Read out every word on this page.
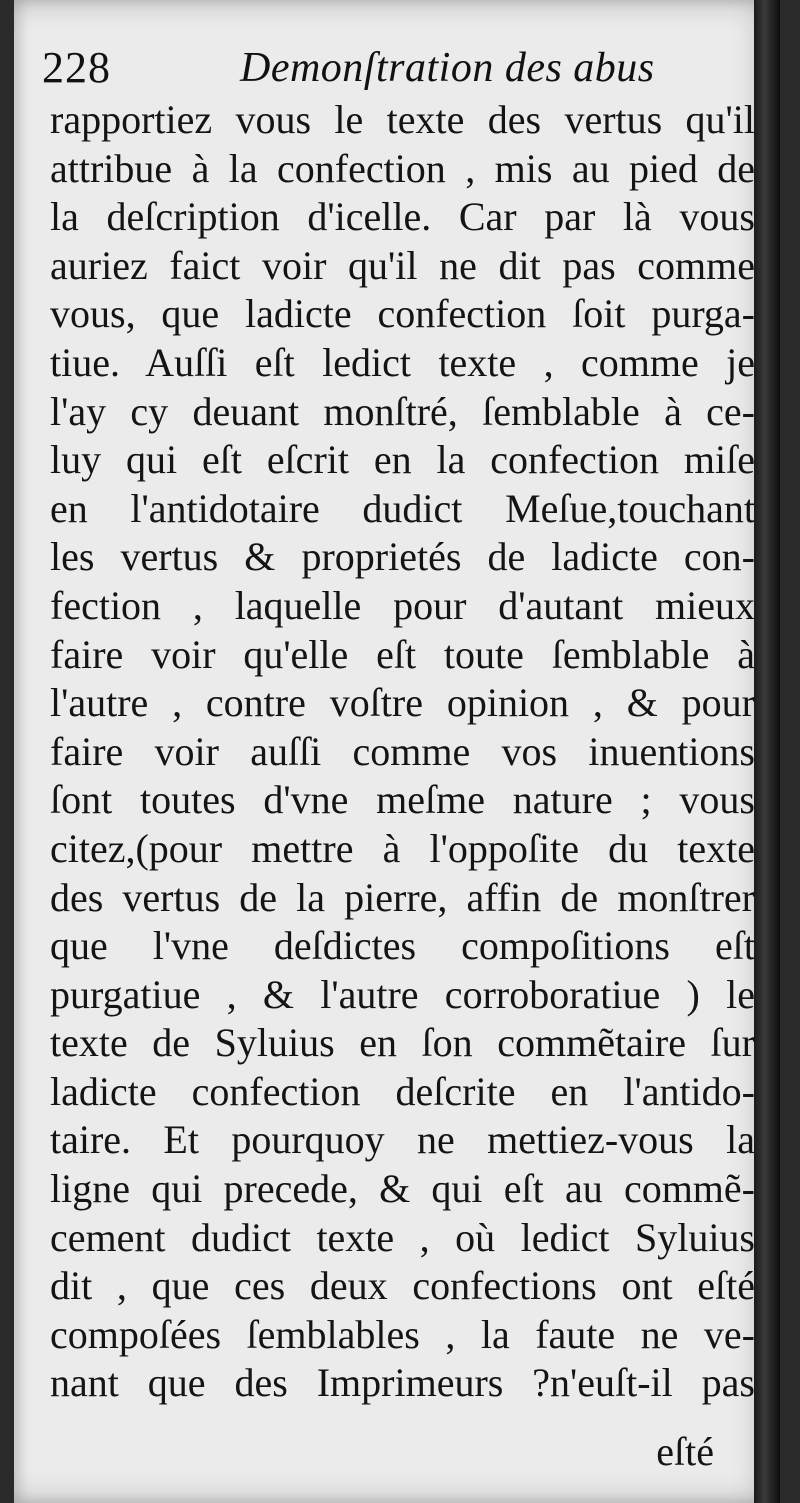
228	Demonſtration des abus
rapportiez vous le texte des vertus qu'il
attribue à la confection , mis au pied de
la deſcription d'icelle. Car par là vous
auriez faict voir qu'il ne dit pas comme
vous, que ladicte confection ſoit purga-
tiue. Auſſi eſt ledict texte , comme je
l'ay cy deuant monſtré, ſemblable à ce-
luy qui eſt eſcrit en la confection miſe
en l'antidotaire dudict Meſue,touchant
les vertus & proprietés de ladicte con-
fection , laquelle pour d'autant mieux
faire voir qu'elle eſt toute ſemblable à
l'autre , contre voſtre opinion , & pour
faire voir auſſi comme vos inuentions
ſont toutes d'vne meſme nature ; vous
citez,(pour mettre à l'oppoſite du texte
des vertus de la pierre, affin de monſtrer
que l'vne deſdictes compoſitions eſt
purgatiue , & l'autre corroboratiue ) le
texte de Syluius en ſon commẽtaire ſur
ladicte confection deſcrite en l'antido-
taire. Et pourquoy ne mettiez-vous la
ligne qui precede, & qui eſt au commẽ-
cement dudict texte , où ledict Syluius
dit , que ces deux confections ont eſté
compoſées ſemblables , la faute ne ve-
nant que des Imprimeurs ?n'euſt-il pas
eſté
